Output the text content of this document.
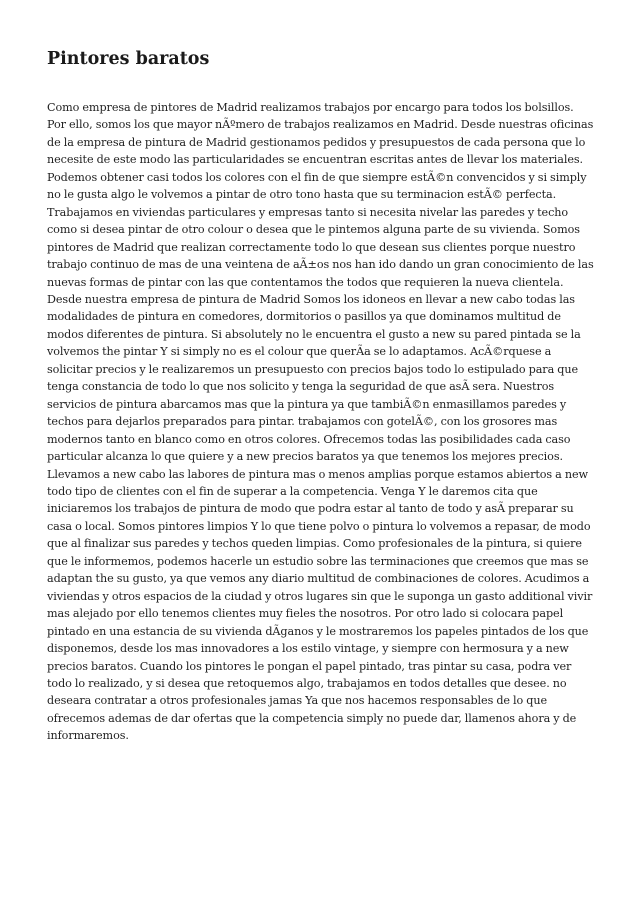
Pintores baratos

Como empresa de pintores de Madrid realizamos trabajos por encargo para todos los bolsillos. Por ello, somos los que mayor nÃºmero de trabajos realizamos en Madrid. Desde nuestras oficinas de la empresa de pintura de Madrid gestionamos pedidos y presupuestos de cada persona que lo necesite de este modo las particularidades se encuentran escritas antes de llevar los materiales. Podemos obtener casi todos los colores con el fin de que siempre estÃ©n convencidos y si simply no le gusta algo le volvemos a pintar de otro tono hasta que su terminacion estÃ© perfecta. Trabajamos en viviendas particulares y empresas tanto si necesita nivelar las paredes y techo como si desea pintar de otro colour o desea que le pintemos alguna parte de su vivienda. Somos pintores de Madrid que realizan correctamente todo lo que desean sus clientes porque nuestro trabajo continuo de mas de una veintena de aÃ±os nos han ido dando un gran conocimiento de las nuevas formas de pintar con las que contentamos the todos que requieren la nueva clientela. Desde nuestra empresa de pintura de Madrid Somos los idoneos en llevar a new cabo todas las modalidades de pintura en comedores, dormitorios o pasillos ya que dominamos multitud de modos diferentes de pintura. Si absolutely no le encuentra el gusto a new su pared pintada se la volvemos the pintar Y si simply no es el colour que querÃa se lo adaptamos. AcÃ©rquese a solicitar precios y le realizaremos un presupuesto con precios bajos todo lo estipulado para que tenga constancia de todo lo que nos solicito y tenga la seguridad de que asÃ sera. Nuestros servicios de pintura abarcamos mas que la pintura ya que tambiÃ©n enmasillamos paredes y techos para dejarlos preparados para pintar. trabajamos con gotelÃ©, con los grosores mas modernos tanto en blanco como en otros colores. Ofrecemos todas las posibilidades cada caso particular alcanza lo que quiere y a new precios baratos ya que tenemos los mejores precios. Llevamos a new cabo las labores de pintura mas o menos amplias porque estamos abiertos a new todo tipo de clientes con el fin de superar a la competencia. Venga Y le daremos cita que iniciaremos los trabajos de pintura de modo que podra estar al tanto de todo y asÃ preparar su casa o local. Somos pintores limpios Y lo que tiene polvo o pintura lo volvemos a repasar, de modo que al finalizar sus paredes y techos queden limpias. Como profesionales de la pintura, si quiere que le informemos, podemos hacerle un estudio sobre las terminaciones que creemos que mas se adaptan the su gusto, ya que vemos any diario multitud de combinaciones de colores. Acudimos a viviendas y otros espacios de la ciudad y otros lugares sin que le suponga un gasto additional vivir mas alejado por ello tenemos clientes muy fieles the nosotros. Por otro lado si colocara papel pintado en una estancia de su vivienda dÃganos y le mostraremos los papeles pintados de los que disponemos, desde los mas innovadores a los estilo vintage, y siempre con hermosura y a new precios baratos. Cuando los pintores le pongan el papel pintado, tras pintar su casa, podra ver todo lo realizado, y si desea que retoquemos algo, trabajamos en todos detalles que desee. no deseara contratar a otros profesionales jamas Ya que nos hacemos responsables de lo que ofrecemos ademas de dar ofertas que la competencia simply no puede dar, llamenos ahora y de informaremos.
